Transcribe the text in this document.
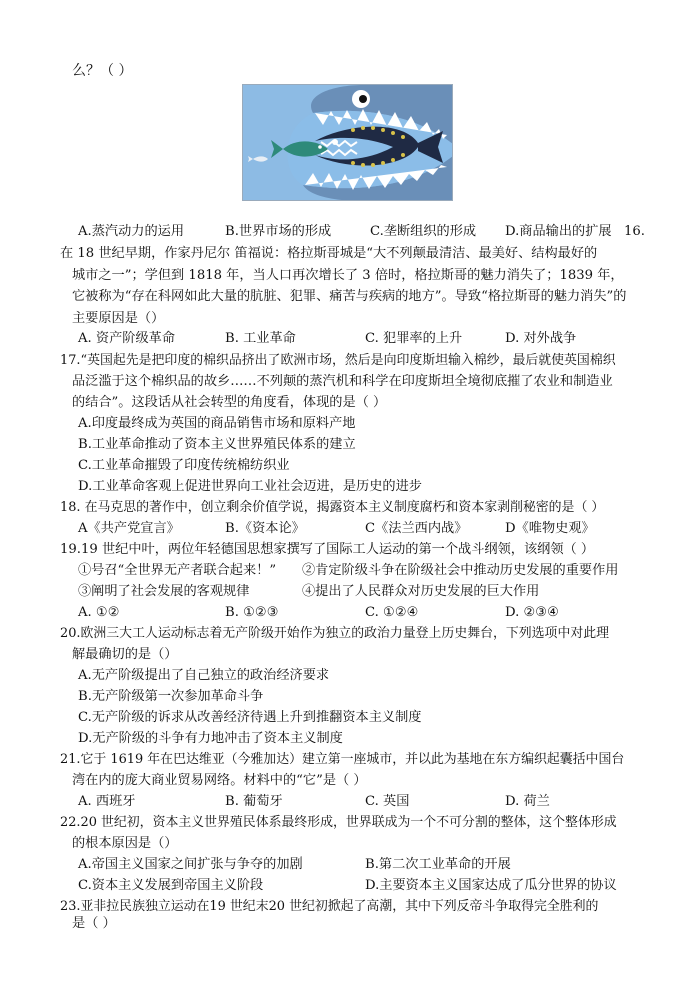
么？（ ）
A.蒸汽动力的运用	B.世界市场的形成	C.垄断组织的形成 D.商品输出的扩展 16.
在 18 世纪早期，作家丹尼尔 笛福说：格拉斯哥城是“大不列颠最清洁、最美好、结构最好的
城市之一”；学但到 1818 年，当人口再次增长了 3 倍时，格拉斯哥的魅力消失了；1839 年，
它被称为“存在科网如此大量的肮脏、犯罪、痛苦与疾病的地方”。导致“格拉斯哥的魅力消失”的
主要原因是（）
A. 资产阶级革命	B. 工业革命	C. 犯罪率的上升	D. 对外战争
17.“英国起先是把印度的棉织品挤出了欧洲市场，然后是向印度斯坦输入棉纱，最后就使英国棉织
品泛滥于这个棉织品的故乡……不列颠的蒸汽机和科学在印度斯坦全境彻底摧了农业和制造业
的结合”。这段话从社会转型的角度看，体现的是（ ）
A.印度最终成为英国的商品销售市场和原料产地
B.工业革命推动了资本主义世界殖民体系的建立
C.工业革命摧毁了印度传统棉纺织业
D.工业革命客观上促进世界向工业社会迈进，是历史的进步
18. 在马克思的著作中，创立剩余价值学说，揭露资本主义制度腐朽和资本家剥削秘密的是（ ）
A《共产党宣言》	B.《资本论》	C《法兰西内战》	D《唯物史观》
19.19 世纪中叶，两位年轻德国思想家撰写了国际工人运动的第一个战斗纲领，该纲领（ ）
①号召“全世界无产者联合起来！” ②肯定阶级斗争在阶级社会中推动历史发展的重要作用
③阐明了社会发展的客观规律	④提出了人民群众对历史发展的巨大作用
A. ①②	B. ①②③	C. ①②④	D. ②③④
20.欧洲三大工人运动标志着无产阶级开始作为独立的政治力量登上历史舞台，下列选项中对此理
解最确切的是（）
A.无产阶级提出了自己独立的政治经济要求
B.无产阶级第一次参加革命斗争
C.无产阶级的诉求从改善经济待遇上升到推翻资本主义制度
D.无产阶级的斗争有力地冲击了资本主义制度
21.它于 1619 年在巴达维亚（今雅加达）建立第一座城市，并以此为基地在东方编织起囊括中国台
湾在内的庞大商业贸易网络。材料中的“它”是（ ）
A. 西班牙	B. 葡萄牙	C. 英国	D. 荷兰
22.20 世纪初，资本主义世界殖民体系最终形成，世界联成为一个不可分割的整体，这个整体形成
的根本原因是（）
A.帝国主义国家之间扩张与争夺的加剧	B.第二次工业革命的开展
C.资本主义发展到帝国主义阶段	D.主要资本主义国家达成了瓜分世界的协议
23.亚非拉民族独立运动在19 世纪末20 世纪初掀起了高潮，其中下列反帝斗争取得完全胜利的
是（ ）
